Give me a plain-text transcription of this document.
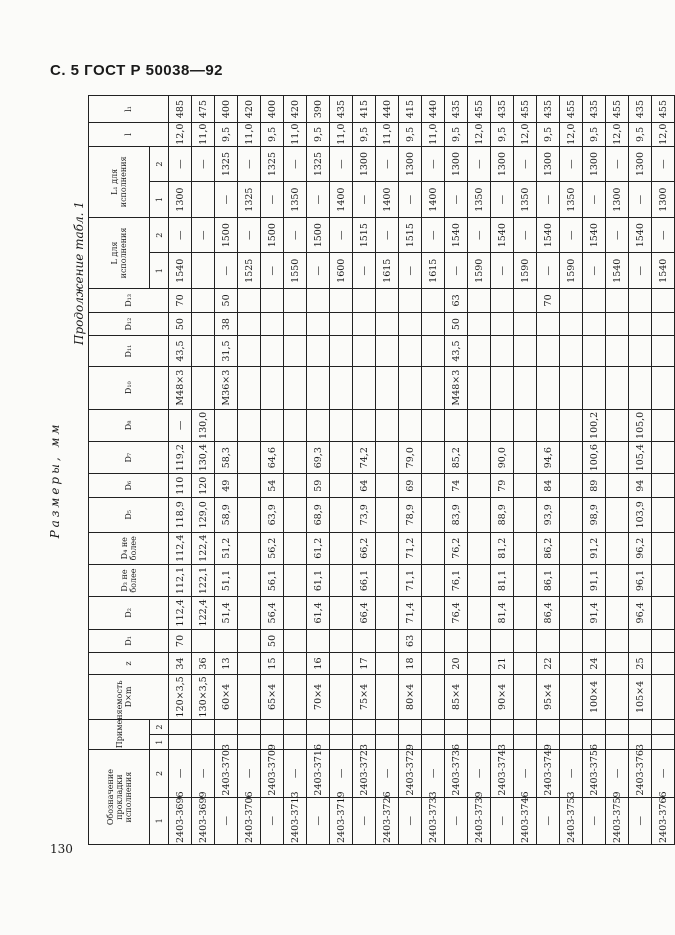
С. 5 ГОСТ Р 50038—92
130
Продолжение табл. 1
Размеры, мм
Обозначение прокладки исполнения		Применяемость		D×m	z	D₁	D₂	D₃ не более	D₄ не более	D₅	D₆	D₇	D₈	D₁₀	D₁₁	D₁₂	D₁₃	L для исполнения		L₁ для исполнения		l	l₁
1	2	1	2															1	2	1	2		
2403-3696	—			120×3,5	34	70	112,4	112,1	112,4	118,9	110	119,2	—	M48×3	43,5	50	70	1540	—	1300	—	12,0	485
2403-3699	—			130×3,5	36		122,4	122,1	122,4	129,0	120	130,4	130,0						—		—	11,0	475
—	2403-3703			60×4	13		51,4	51,1	51,2	58,9	49	58,3		M36×3	31,5	38	50	—	1500	—	1325	9,5	400
2403-3706	—																	1525	—	1325	—	11,0	420
—	2403-3709			65×4	15	50	56,4	56,1	56,2	63,9	54	64,6						—	1500	—	1325	9,5	400
2403-3713	—																	1550	—	1350	—	11,0	420
—	2403-3716			70×4	16		61,4	61,1	61,2	68,9	59	69,3						—	1500	—	1325	9,5	390
2403-3719	—																	1600	—	1400	—	11,0	435
—	2403-3723			75×4	17		66,4	66,1	66,2	73,9	64	74,2						—	1515	—	1300	9,5	415
2403-3726	—																	1615	—	1400	—	11,0	440
—	2403-3729			80×4	18	63	71,4	71,1	71,2	78,9	69	79,0						—	1515	—	1300	9,5	415
2403-3733	—																	1615	—	1400	—	11,0	440
—	2403-3736			85×4	20		76,4	76,1	76,2	83,9	74	85,2		M48×3	43,5	50	63	—	1540	—	1300	9,5	435
2403-3739	—																	1590	—	1350	—	12,0	455
—	2403-3743			90×4	21		81,4	81,1	81,2	88,9	79	90,0						—	1540	—	1300	9,5	435
2403-3746	—																	1590	—	1350	—	12,0	455
—	2403-3749			95×4	22		86,4	86,1	86,2	93,9	84	94,6					70	—	1540	—	1300	9,5	435
2403-3753	—																	1590	—	1350	—	12,0	455
—	2403-3756			100×4	24		91,4	91,1	91,2	98,9	89	100,6	100,2					—	1540	—	1300	9,5	435
2403-3759	—																	1540	—	1300	—	12,0	455
—	2403-3763			105×4	25		96,4	96,1	96,2	103,9	94	105,4	105,0					—	1540	—	1300	9,5	435
2403-3766	—																	1540	—	1300	—	12,0	455
